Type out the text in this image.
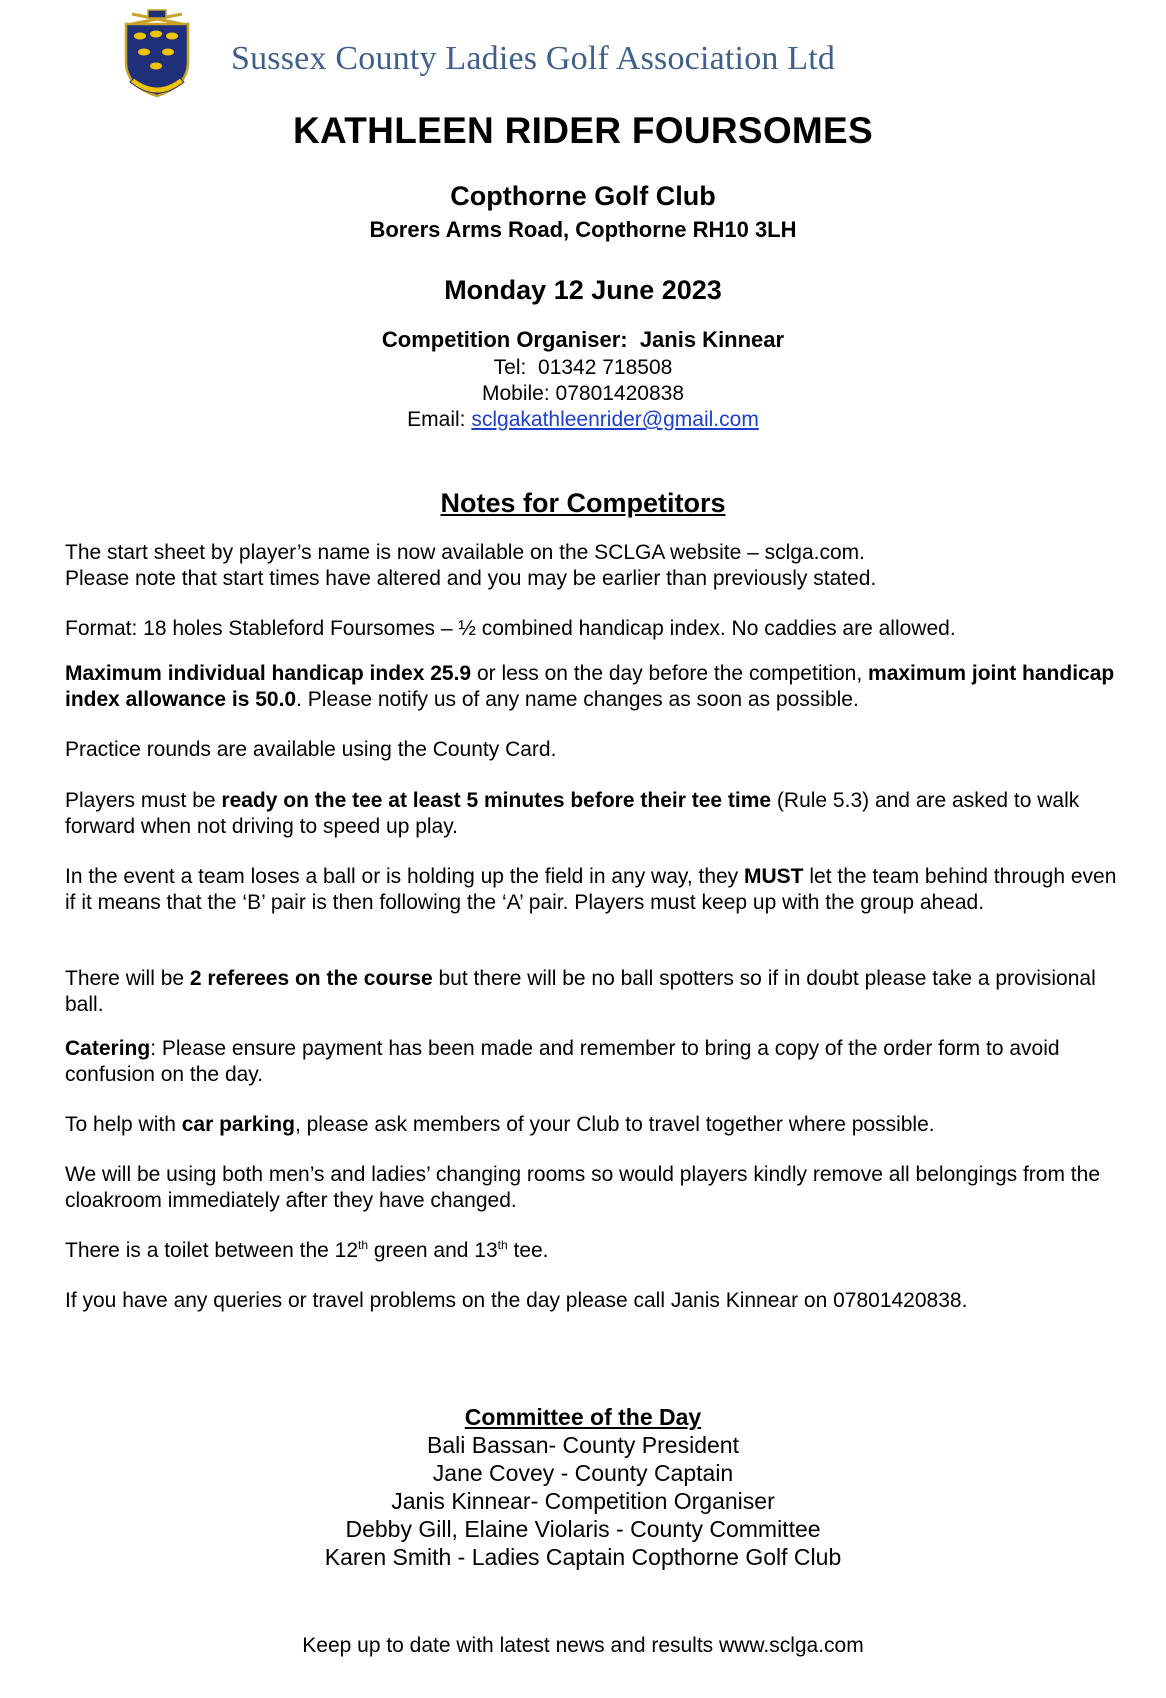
Sussex County Ladies Golf Association Ltd
KATHLEEN RIDER FOURSOMES
Copthorne Golf Club
Borers Arms Road, Copthorne RH10 3LH
Monday 12 June 2023
Competition Organiser: Janis Kinnear
Tel: 01342 718508
Mobile: 07801420838
Email: sclgakathleenrider@gmail.com
Notes for Competitors
The start sheet by player’s name is now available on the SCLGA website – sclga.com.
Please note that start times have altered and you may be earlier than previously stated.
Format: 18 holes Stableford Foursomes – ½ combined handicap index. No caddies are allowed.
Maximum individual handicap index 25.9 or less on the day before the competition, maximum joint handicap index allowance is 50.0. Please notify us of any name changes as soon as possible.
Practice rounds are available using the County Card.
Players must be ready on the tee at least 5 minutes before their tee time (Rule 5.3) and are asked to walk forward when not driving to speed up play.
In the event a team loses a ball or is holding up the field in any way, they MUST let the team behind through even if it means that the ‘B’ pair is then following the ‘A’ pair. Players must keep up with the group ahead.
There will be 2 referees on the course but there will be no ball spotters so if in doubt please take a provisional ball.
Catering: Please ensure payment has been made and remember to bring a copy of the order form to avoid confusion on the day.
To help with car parking, please ask members of your Club to travel together where possible.
We will be using both men’s and ladies’ changing rooms so would players kindly remove all belongings from the cloakroom immediately after they have changed.
There is a toilet between the 12th green and 13th tee.
If you have any queries or travel problems on the day please call Janis Kinnear on 07801420838.
Committee of the Day
Bali Bassan- County President
Jane Covey - County Captain
Janis Kinnear- Competition Organiser
Debby Gill, Elaine Violaris - County Committee
Karen Smith - Ladies Captain Copthorne Golf Club
Keep up to date with latest news and results www.sclga.com
